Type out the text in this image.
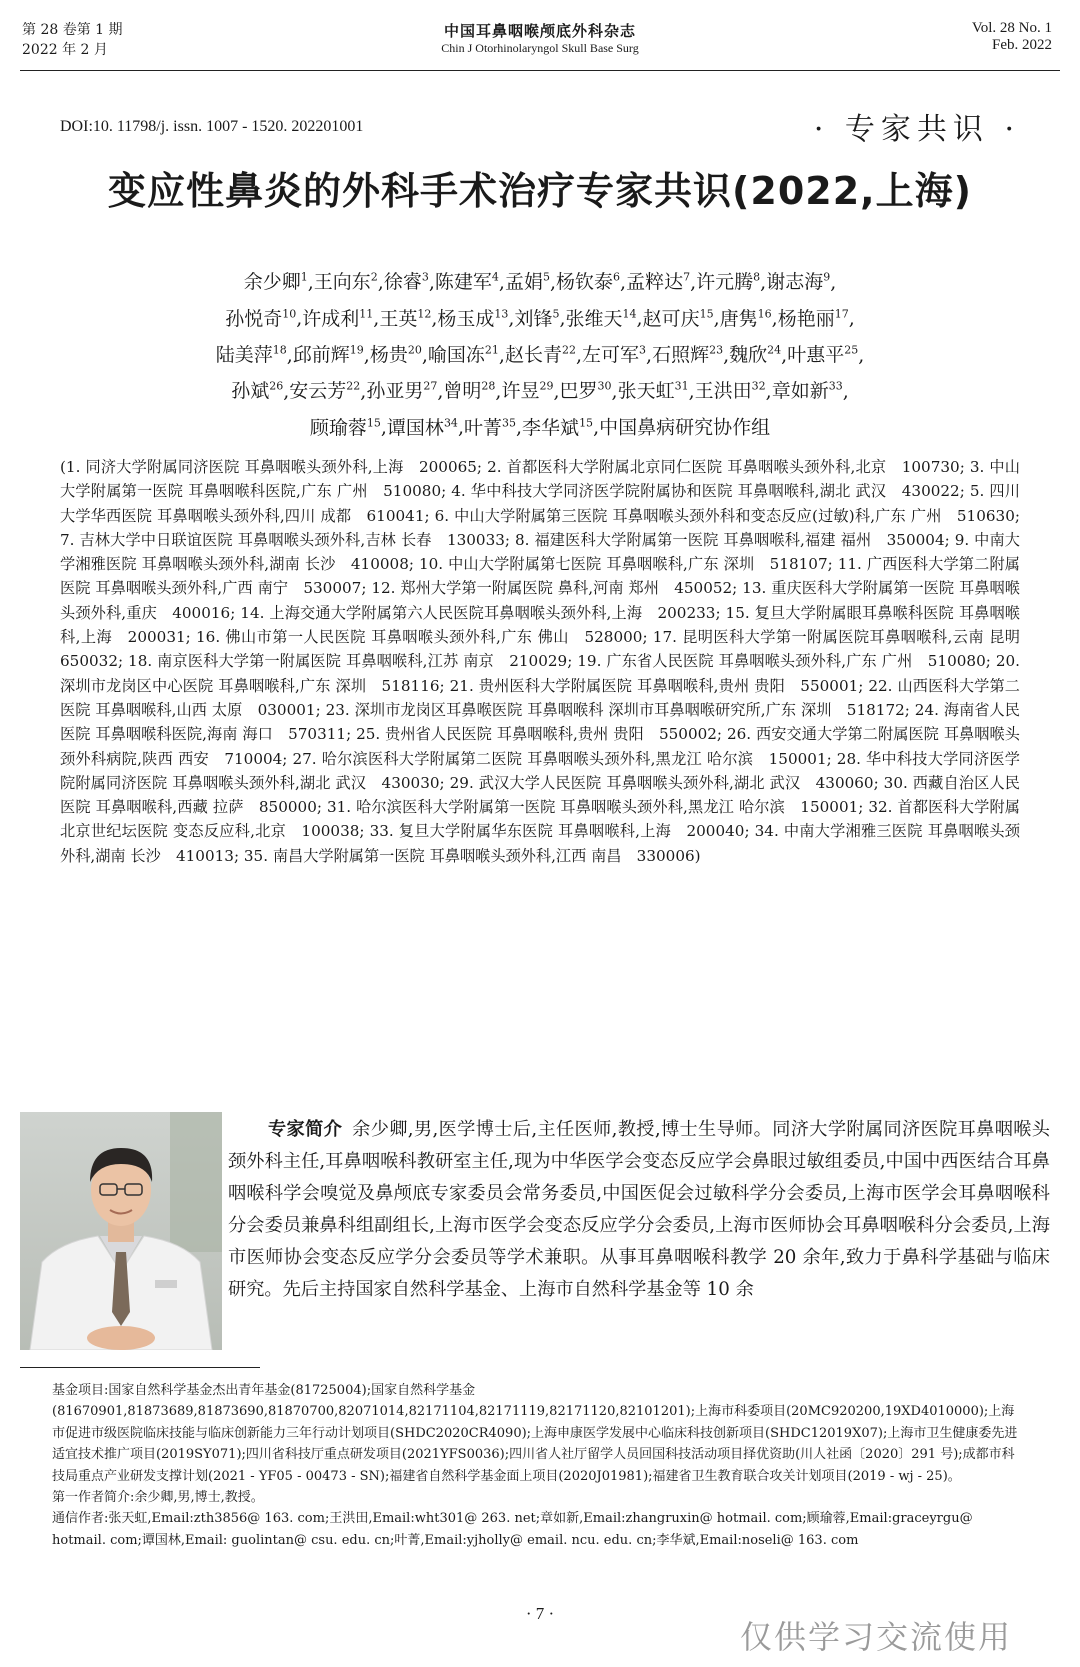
第 28 卷第 1 期
2022 年 2 月
中国耳鼻咽喉颅底外科杂志
Chin J Otorhinolaryngol Skull Base Surg
Vol. 28 No. 1
Feb. 2022
DOI:10. 11798/j. issn. 1007 - 1520. 202201001	· 专家共识 ·
变应性鼻炎的外科手术治疗专家共识(2022,上海)
余少卿$^1$,王向东$^2$,徐睿$^3$,陈建军$^4$,孟娟$^5$,杨钦泰$^6$,孟粹达$^7$,许元腾$^8$,谢志海$^9$,
孙悦奇$^{10}$,许成利$^{11}$,王英$^{12}$,杨玉成$^{13}$,刘锋$^5$,张维天$^{14}$,赵可庆$^{15}$,唐隽$^{16}$,杨艳丽$^{17}$,
陆美萍$^{18}$,邱前辉$^{19}$,杨贵$^{20}$,喻国冻$^{21}$,赵长青$^{22}$,左可军$^3$,石照辉$^{23}$,魏欣$^{24}$,叶惠平$^{25}$,
孙斌$^{26}$,安云芳$^{22}$,孙亚男$^{27}$,曾明$^{28}$,许昱$^{29}$,巴罗$^{30}$,张天虹$^{31}$,王洪田$^{32}$,章如新$^{33}$,
顾瑜蓉$^{15}$,谭国林$^{34}$,叶菁$^{35}$,李华斌$^{15}$,中国鼻病研究协作组
(1. 同济大学附属同济医院 耳鼻咽喉头颈外科,上海　200065; 2. 首都医科大学附属北京同仁医院 耳鼻咽喉头颈外科,北京　100730; 3. 中山大学附属第一医院 耳鼻咽喉科医院,广东 广州　510080; 4. 华中科技大学同济医学院附属协和医院 耳鼻咽喉科,湖北 武汉　430022; 5. 四川大学华西医院 耳鼻咽喉头颈外科,四川 成都　610041; 6. 中山大学附属第三医院 耳鼻咽喉头颈外科和变态反应(过敏)科,广东 广州　510630; 7. 吉林大学中日联谊医院 耳鼻咽喉头颈外科,吉林 长春　130033; 8. 福建医科大学附属第一医院 耳鼻咽喉科,福建 福州　350004; 9. 中南大学湘雅医院 耳鼻咽喉头颈外科,湖南 长沙　410008; 10. 中山大学附属第七医院 耳鼻咽喉科,广东 深圳　518107; 11. 广西医科大学第二附属医院 耳鼻咽喉头颈外科,广西 南宁　530007; 12. 郑州大学第一附属医院 鼻科,河南 郑州　450052; 13. 重庆医科大学附属第一医院 耳鼻咽喉头颈外科,重庆　400016; 14. 上海交通大学附属第六人民医院耳鼻咽喉头颈外科,上海　200233; 15. 复旦大学附属眼耳鼻喉科医院 耳鼻咽喉科,上海　200031; 16. 佛山市第一人民医院 耳鼻咽喉头颈外科,广东 佛山　528000; 17. 昆明医科大学第一附属医院耳鼻咽喉科,云南 昆明　650032; 18. 南京医科大学第一附属医院 耳鼻咽喉科,江苏 南京　210029; 19. 广东省人民医院 耳鼻咽喉头颈外科,广东 广州　510080; 20. 深圳市龙岗区中心医院 耳鼻咽喉科,广东 深圳　518116; 21. 贵州医科大学附属医院 耳鼻咽喉科,贵州 贵阳　550001; 22. 山西医科大学第二医院 耳鼻咽喉科,山西 太原　030001; 23. 深圳市龙岗区耳鼻喉医院 耳鼻咽喉科 深圳市耳鼻咽喉研究所,广东 深圳　518172; 24. 海南省人民医院 耳鼻咽喉科医院,海南 海口　570311; 25. 贵州省人民医院 耳鼻咽喉科,贵州 贵阳　550002; 26. 西安交通大学第二附属医院 耳鼻咽喉头颈外科病院,陕西 西安　710004; 27. 哈尔滨医科大学附属第二医院 耳鼻咽喉头颈外科,黑龙江 哈尔滨　150001; 28. 华中科技大学同济医学院附属同济医院 耳鼻咽喉头颈外科,湖北 武汉　430030; 29. 武汉大学人民医院 耳鼻咽喉头颈外科,湖北 武汉　430060; 30. 西藏自治区人民医院 耳鼻咽喉科,西藏 拉萨　850000; 31. 哈尔滨医科大学附属第一医院 耳鼻咽喉头颈外科,黑龙江 哈尔滨　150001; 32. 首都医科大学附属北京世纪坛医院 变态反应科,北京　100038; 33. 复旦大学附属华东医院 耳鼻咽喉科,上海　200040; 34. 中南大学湘雅三医院 耳鼻咽喉头颈外科,湖南 长沙　410013; 35. 南昌大学附属第一医院 耳鼻咽喉头颈外科,江西 南昌　330006)
专家简介 余少卿,男,医学博士后,主任医师,教授,博士生导师。同济大学附属同济医院耳鼻咽喉头颈外科主任,耳鼻咽喉科教研室主任,现为中华医学会变态反应学会鼻眼过敏组委员,中国中西医结合耳鼻咽喉科学会嗅觉及鼻颅底专家委员会常务委员,中国医促会过敏科学分会委员,上海市医学会耳鼻咽喉科分会委员兼鼻科组副组长,上海市医学会变态反应学分会委员,上海市医师协会耳鼻咽喉科分会委员,上海市医师协会变态反应学分会委员等学术兼职。从事耳鼻咽喉科教学 20 余年,致力于鼻科学基础与临床研究。先后主持国家自然科学基金、上海市自然科学基金等 10 余

基金项目:国家自然科学基金杰出青年基金(81725004);国家自然科学基金(81670901,81873689,81873690,81870700,82071014,82171104,82171119,82171120,82101201);上海市科委项目(20MC920200,19XD4010000);上海市促进市级医院临床技能与临床创新能力三年行动计划项目(SHDC2020CR4090);上海申康医学发展中心临床科技创新项目(SHDC12019X07);上海市卫生健康委先进适宜技术推广项目(2019SY071);四川省科技厅重点研发项目(2021YFS0036);四川省人社厅留学人员回国科技活动项目择优资助(川人社函〔2020〕291 号);成都市科技局重点产业研发支撑计划(2021 - YF05 - 00473 - SN);福建省自然科学基金面上项目(2020J01981);福建省卫生教育联合攻关计划项目(2019 - wj - 25)。

第一作者简介:余少卿,男,博士,教授。

通信作者:张天虹,Email:zth3856@ 163. com;王洪田,Email:wht301@ 263. net;章如新,Email:zhangruxin@ hotmail. com;顾瑜蓉,Email:graceyrgu@ hotmail. com;谭国林,Email: guolintan@ csu. edu. cn;叶菁,Email:yjholly@ email. ncu. edu. cn;李华斌,Email:noseli@ 163. com

· 7 ·
仅供学习交流使用
